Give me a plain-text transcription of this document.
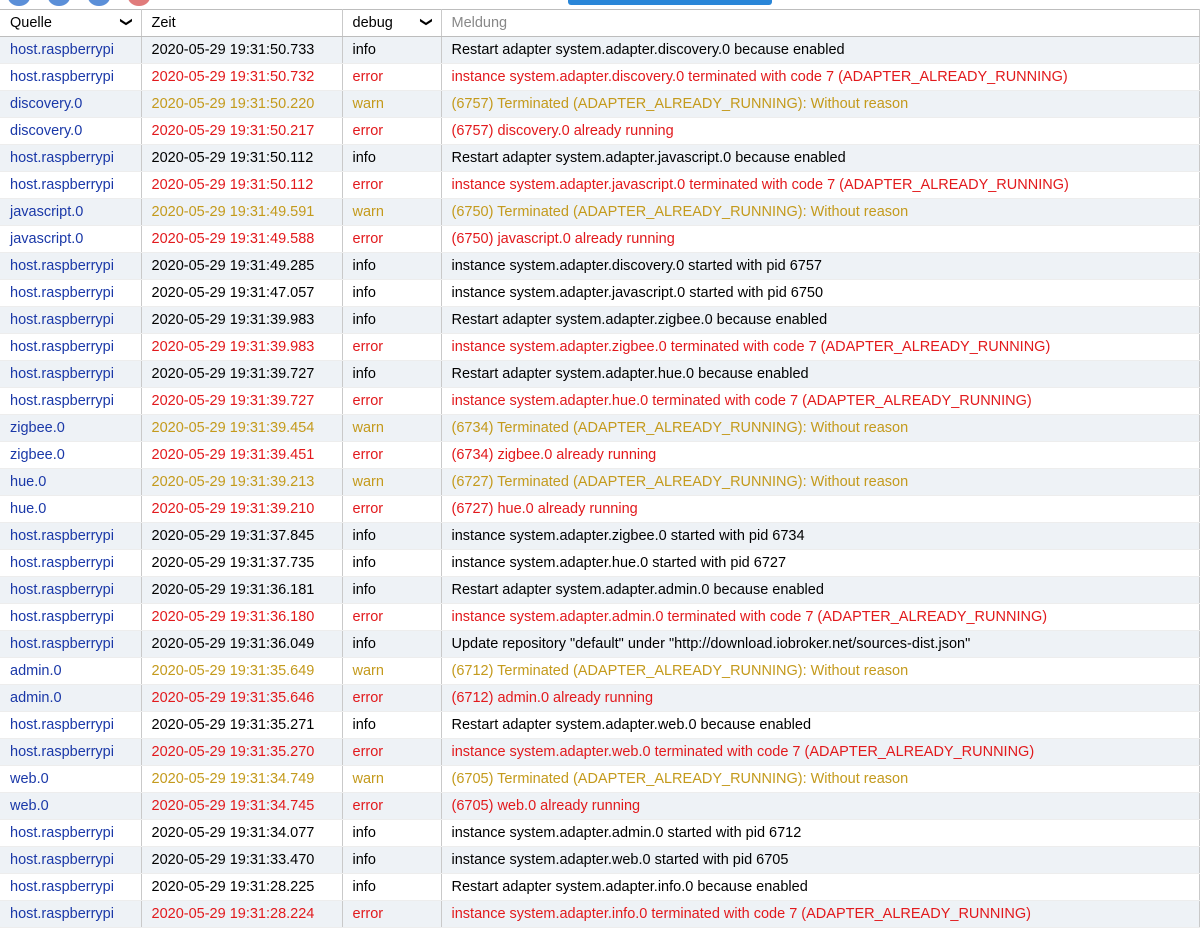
Quelle ❮	Zeit	debug ❮	Meldung
host.raspberrypi	2020-05-29 19:31:50.733	info	Restart adapter system.adapter.discovery.0 because enabled
host.raspberrypi	2020-05-29 19:31:50.732	error	instance system.adapter.discovery.0 terminated with code 7 (ADAPTER_ALREADY_RUNNING)
discovery.0	2020-05-29 19:31:50.220	warn	(6757) Terminated (ADAPTER_ALREADY_RUNNING): Without reason
discovery.0	2020-05-29 19:31:50.217	error	(6757) discovery.0 already running
host.raspberrypi	2020-05-29 19:31:50.112	info	Restart adapter system.adapter.javascript.0 because enabled
host.raspberrypi	2020-05-29 19:31:50.112	error	instance system.adapter.javascript.0 terminated with code 7 (ADAPTER_ALREADY_RUNNING)
javascript.0	2020-05-29 19:31:49.591	warn	(6750) Terminated (ADAPTER_ALREADY_RUNNING): Without reason
javascript.0	2020-05-29 19:31:49.588	error	(6750) javascript.0 already running
host.raspberrypi	2020-05-29 19:31:49.285	info	instance system.adapter.discovery.0 started with pid 6757
host.raspberrypi	2020-05-29 19:31:47.057	info	instance system.adapter.javascript.0 started with pid 6750
host.raspberrypi	2020-05-29 19:31:39.983	info	Restart adapter system.adapter.zigbee.0 because enabled
host.raspberrypi	2020-05-29 19:31:39.983	error	instance system.adapter.zigbee.0 terminated with code 7 (ADAPTER_ALREADY_RUNNING)
host.raspberrypi	2020-05-29 19:31:39.727	info	Restart adapter system.adapter.hue.0 because enabled
host.raspberrypi	2020-05-29 19:31:39.727	error	instance system.adapter.hue.0 terminated with code 7 (ADAPTER_ALREADY_RUNNING)
zigbee.0	2020-05-29 19:31:39.454	warn	(6734) Terminated (ADAPTER_ALREADY_RUNNING): Without reason
zigbee.0	2020-05-29 19:31:39.451	error	(6734) zigbee.0 already running
hue.0	2020-05-29 19:31:39.213	warn	(6727) Terminated (ADAPTER_ALREADY_RUNNING): Without reason
hue.0	2020-05-29 19:31:39.210	error	(6727) hue.0 already running
host.raspberrypi	2020-05-29 19:31:37.845	info	instance system.adapter.zigbee.0 started with pid 6734
host.raspberrypi	2020-05-29 19:31:37.735	info	instance system.adapter.hue.0 started with pid 6727
host.raspberrypi	2020-05-29 19:31:36.181	info	Restart adapter system.adapter.admin.0 because enabled
host.raspberrypi	2020-05-29 19:31:36.180	error	instance system.adapter.admin.0 terminated with code 7 (ADAPTER_ALREADY_RUNNING)
host.raspberrypi	2020-05-29 19:31:36.049	info	Update repository "default" under "http://download.iobroker.net/sources-dist.json"
admin.0	2020-05-29 19:31:35.649	warn	(6712) Terminated (ADAPTER_ALREADY_RUNNING): Without reason
admin.0	2020-05-29 19:31:35.646	error	(6712) admin.0 already running
host.raspberrypi	2020-05-29 19:31:35.271	info	Restart adapter system.adapter.web.0 because enabled
host.raspberrypi	2020-05-29 19:31:35.270	error	instance system.adapter.web.0 terminated with code 7 (ADAPTER_ALREADY_RUNNING)
web.0	2020-05-29 19:31:34.749	warn	(6705) Terminated (ADAPTER_ALREADY_RUNNING): Without reason
web.0	2020-05-29 19:31:34.745	error	(6705) web.0 already running
host.raspberrypi	2020-05-29 19:31:34.077	info	instance system.adapter.admin.0 started with pid 6712
host.raspberrypi	2020-05-29 19:31:33.470	info	instance system.adapter.web.0 started with pid 6705
host.raspberrypi	2020-05-29 19:31:28.225	info	Restart adapter system.adapter.info.0 because enabled
host.raspberrypi	2020-05-29 19:31:28.224	error	instance system.adapter.info.0 terminated with code 7 (ADAPTER_ALREADY_RUNNING)
